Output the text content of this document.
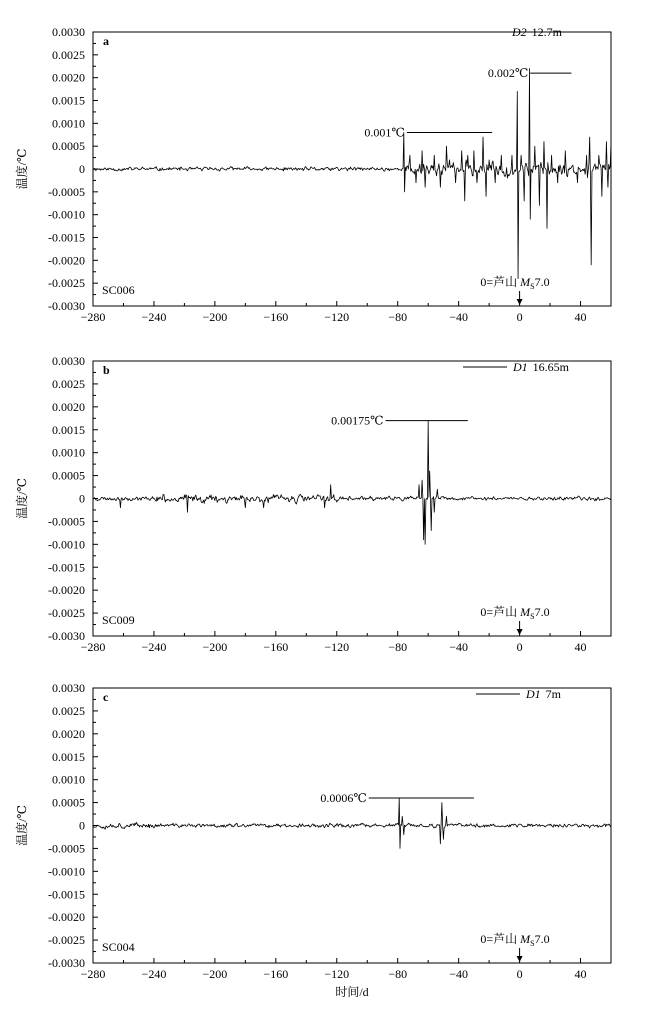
0.0030
0.0025
0.0020
0.0015
0.0010
0.0005
0
-0.0005
-0.0010
-0.0015
-0.0020
-0.0025
-0.0030
−280	−240	−200	−160	−120	−80	−40	0	40
温度/℃
a
SC006
D2 12.7m
0.001℃
0.002℃
0=芦山 $M_S7.0$
0.0030
0.0025
0.0020
0.0015
0.0010
0.0005
0
-0.0005
-0.0010
-0.0015
-0.0020
-0.0025
-0.0030
−280	−240	−200	−160	−120	−80	−40	0	40
温度/℃
b
SC009
D1 16.65m
0.00175℃
0=芦山 $M_S7.0$
0.0030
0.0025
0.0020
0.0015
0.0010
0.0005
0
-0.0005
-0.0010
-0.0015
-0.0020
-0.0025
-0.0030
−280	−240	−200	−160	−120	−80	−40	0	40
温度/℃
时间/d
c
SC004
D1 7m
0.0006℃
0=芦山 $M_S7.0$
